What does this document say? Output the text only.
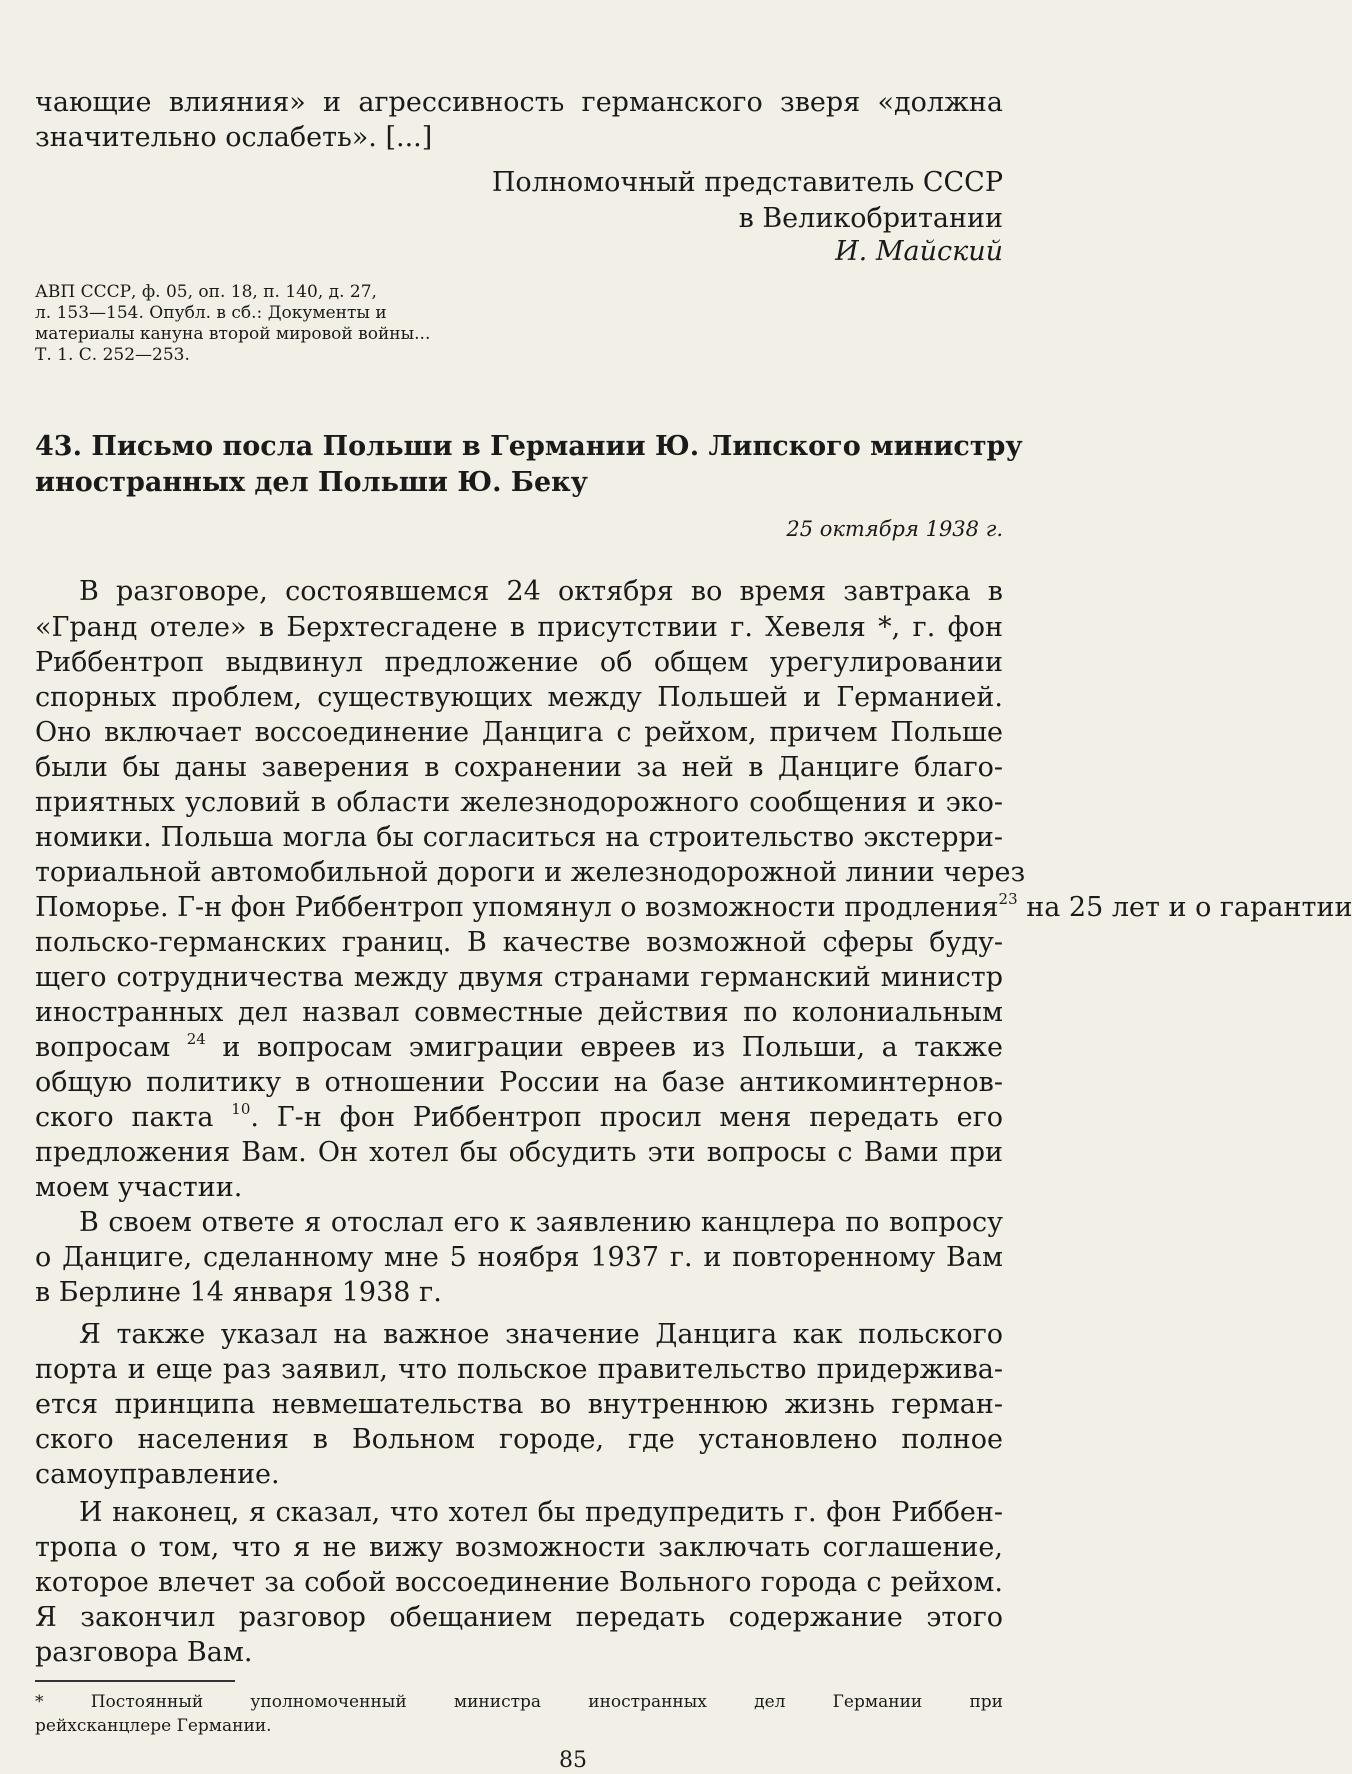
чающие влияния» и агрессивность германского зверя «должна
значительно ослабеть». [...]
Полномочный представитель СССР
в Великобритании
И. Майский
АВП СССР, ф. 05, оп. 18, п. 140, д. 27,
л. 153—154. Опубл. в сб.: Документы и
материалы кануна второй мировой войны...
Т. 1. С. 252—253.
43. Письмо посла Польши в Германии Ю. Липского министру
иностранных дел Польши Ю. Беку
25 октября 1938 г.
В разговоре, состоявшемся 24 октября во время завтрака в
«Гранд отеле» в Берхтесгадене в присутствии г. Хевеля *, г. фон
Риббентроп выдвинул предложение об общем урегулировании
спорных проблем, существующих между Польшей и Германией.
Оно включает воссоединение Данцига с рейхом, причем Польше
были бы даны заверения в сохранении за ней в Данциге благо-
приятных условий в области железнодорожного сообщения и эко-
номики. Польша могла бы согласиться на строительство экстерри-
ториальной автомобильной дороги и железнодорожной линии через
Поморье. Г-н фон Риббентроп упомянул о возможности продления$^{23}$ на 25 лет и о гарантии
польско-германских границ. В качестве возможной сферы буду-
щего сотрудничества между двумя странами германский министр
иностранных дел назвал совместные действия по колониальным
вопросам $^{24}$ и вопросам эмиграции евреев из Польши, а также
общую политику в отношении России на базе антикоминтернов-
ского пакта $^{10}$. Г-н фон Риббентроп просил меня передать его
предложения Вам. Он хотел бы обсудить эти вопросы с Вами при
моем участии.
В своем ответе я отослал его к заявлению канцлера по вопросу
о Данциге, сделанному мне 5 ноября 1937 г. и повторенному Вам
в Берлине 14 января 1938 г.
Я также указал на важное значение Данцига как польского
порта и еще раз заявил, что польское правительство придержива-
ется принципа невмешательства во внутреннюю жизнь герман-
ского населения в Вольном городе, где установлено полное
самоуправление.
И наконец, я сказал, что хотел бы предупредить г. фон Риббен-
тропа о том, что я не вижу возможности заключать соглашение,
которое влечет за собой воссоединение Вольного города с рейхом.
Я закончил разговор обещанием передать содержание этого
разговора Вам.
* Постоянный уполномоченный министра иностранных дел Германии при
рейхсканцлере Германии.
85
